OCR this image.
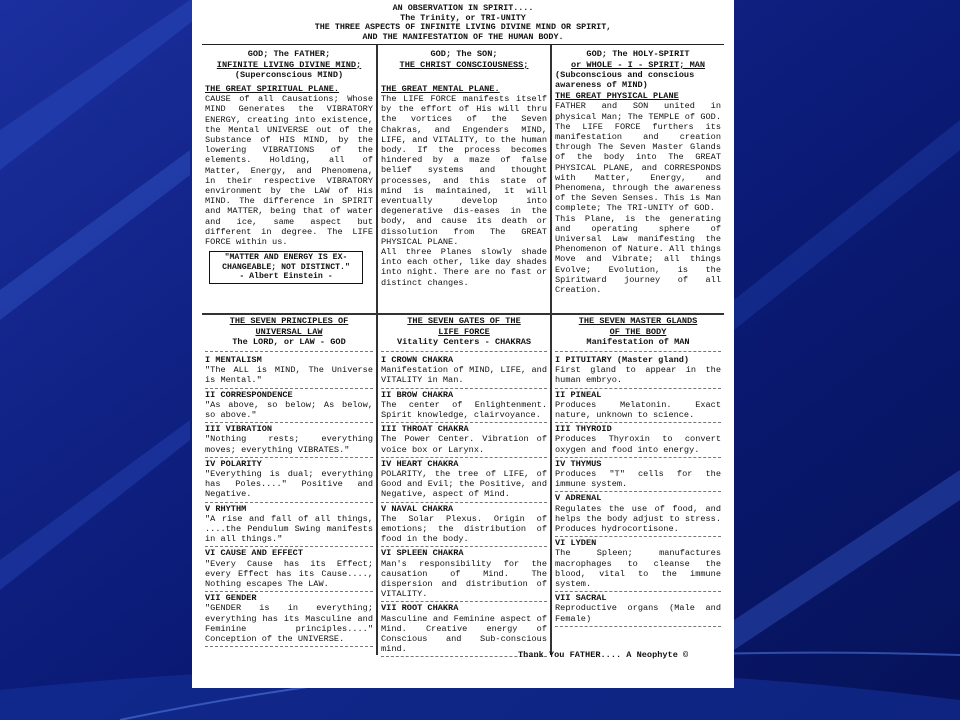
AN OBSERVATION IN SPIRIT....
The Trinity, or TRI-UNITY
THE THREE ASPECTS OF INFINITE LIVING DIVINE MIND OR SPIRIT,
AND THE MANIFESTATION OF THE HUMAN BODY.
GOD; The FATHER;
INFINITE LIVING DIVINE MIND;
(Superconscious MIND)
THE GREAT SPIRITUAL PLANE.
CAUSE of all Causations; Whose MIND Generates the VIBRATORY ENERGY, creating into existence, the Mental UNIVERSE out of the Substance of HIS MIND, by the lowering VIBRATIONS of the elements. Holding, all of Matter, Energy, and Phenomena, in their respective VIBRATORY environment by the LAW of His MIND. The difference in SPIRIT and MATTER, being that of water and ice, same aspect but different in degree. The LIFE FORCE within us.
"MATTER AND ENERGY IS EX-CHANGEABLE; NOT DISTINCT."
- Albert Einstein -
GOD; The SON;
THE CHRIST CONSCIOUSNESS;
THE GREAT MENTAL PLANE.
The LIFE FORCE manifests itself by the effort of His will thru the vortices of the Seven Chakras, and Engenders MIND, LIFE, and VITALITY, to the human body. If the process becomes hindered by a maze of false belief systems and thought processes, and this state of mind is maintained, it will eventually develop into degenerative dis-eases in the body, and cause its death or dissolution from The GREAT PHYSICAL PLANE.
All three Planes slowly shade into each other, like day shades into night. There are no fast or distinct changes.
GOD; The HOLY-SPIRIT
or WHOLE - I - SPIRIT; MAN
(Subconscious and conscious awareness of MIND)
THE GREAT PHYSICAL PLANE
FATHER and SON united in physical Man; The TEMPLE of GOD. The LIFE FORCE furthers its manifestation and creation through The Seven Master Glands of the body into The GREAT PHYSICAL PLANE, and CORRESPONDS with Matter, Energy, and Phenomena, through the awareness of the Seven Senses. This is Man complete; The TRI-UNITY of GOD.
This Plane, is the generating and operating sphere of Universal Law manifesting the Phenomenon of Nature. All things Move and Vibrate; all things Evolve; Evolution, is the Spiritward journey of all Creation.
THE SEVEN PRINCIPLES OF
UNIVERSAL LAW
The LORD, or LAW - GOD
I MENTALISM
"The ALL is MIND, The Universe is Mental."
II CORRESPONDENCE
"As above, so below; As below, so above."
III VIBRATION
"Nothing rests; everything moves; everything VIBRATES."
IV POLARITY
"Everything is dual; everything has Poles...." Positive and Negative.
V RHYTHM
"A rise and fall of all things, ....the Pendulum Swing manifests in all things."
VI CAUSE AND EFFECT
"Every Cause has its Effect; every Effect has its Cause...., Nothing escapes The LAW.
VII GENDER
"GENDER is in everything; everything has its Masculine and Feminine principles...." Conception of the UNIVERSE.
THE SEVEN GATES OF THE
LIFE FORCE
Vitality Centers - CHAKRAS
I CROWN CHAKRA
Manifestation of MIND, LIFE, and VITALITY in Man.
II BROW CHAKRA
The center of Enlightenment. Spirit knowledge, clairvoyance.
III THROAT CHAKRA
The Power Center. Vibration of voice box or Larynx.
IV HEART CHAKRA
POLARITY, the tree of LIFE, of Good and Evil; the Positive, and Negative, aspect of Mind.
V NAVAL CHAKRA
The Solar Plexus. Origin of emotions; the distribution of food in the body.
VI SPLEEN CHAKRA
Man's responsibility for the causation of Mind. The dispersion and distribution of VITALITY.
VII ROOT CHAKRA
Masculine and Feminine aspect of Mind. Creative energy of Conscious and Sub-conscious mind.
THE SEVEN MASTER GLANDS
OF THE BODY
Manifestation of MAN
I PITUITARY (Master gland)
First gland to appear in the human embryo.
II PINEAL
Produces Melatonin. Exact nature, unknown to science.
III THYROID
Produces Thyroxin to convert oxygen and food into energy.
IV THYMUS
Produces "T" cells for the immune system.
V ADRENAL
Regulates the use of food, and helps the body adjust to stress. Produces hydrocortisone.
VI LYDEN
The Spleen; manufactures macrophages to cleanse the blood, vital to the immune system.
VII SACRAL
Reproductive organs (Male and Female)
Thank You FATHER.... A Neophyte ©
